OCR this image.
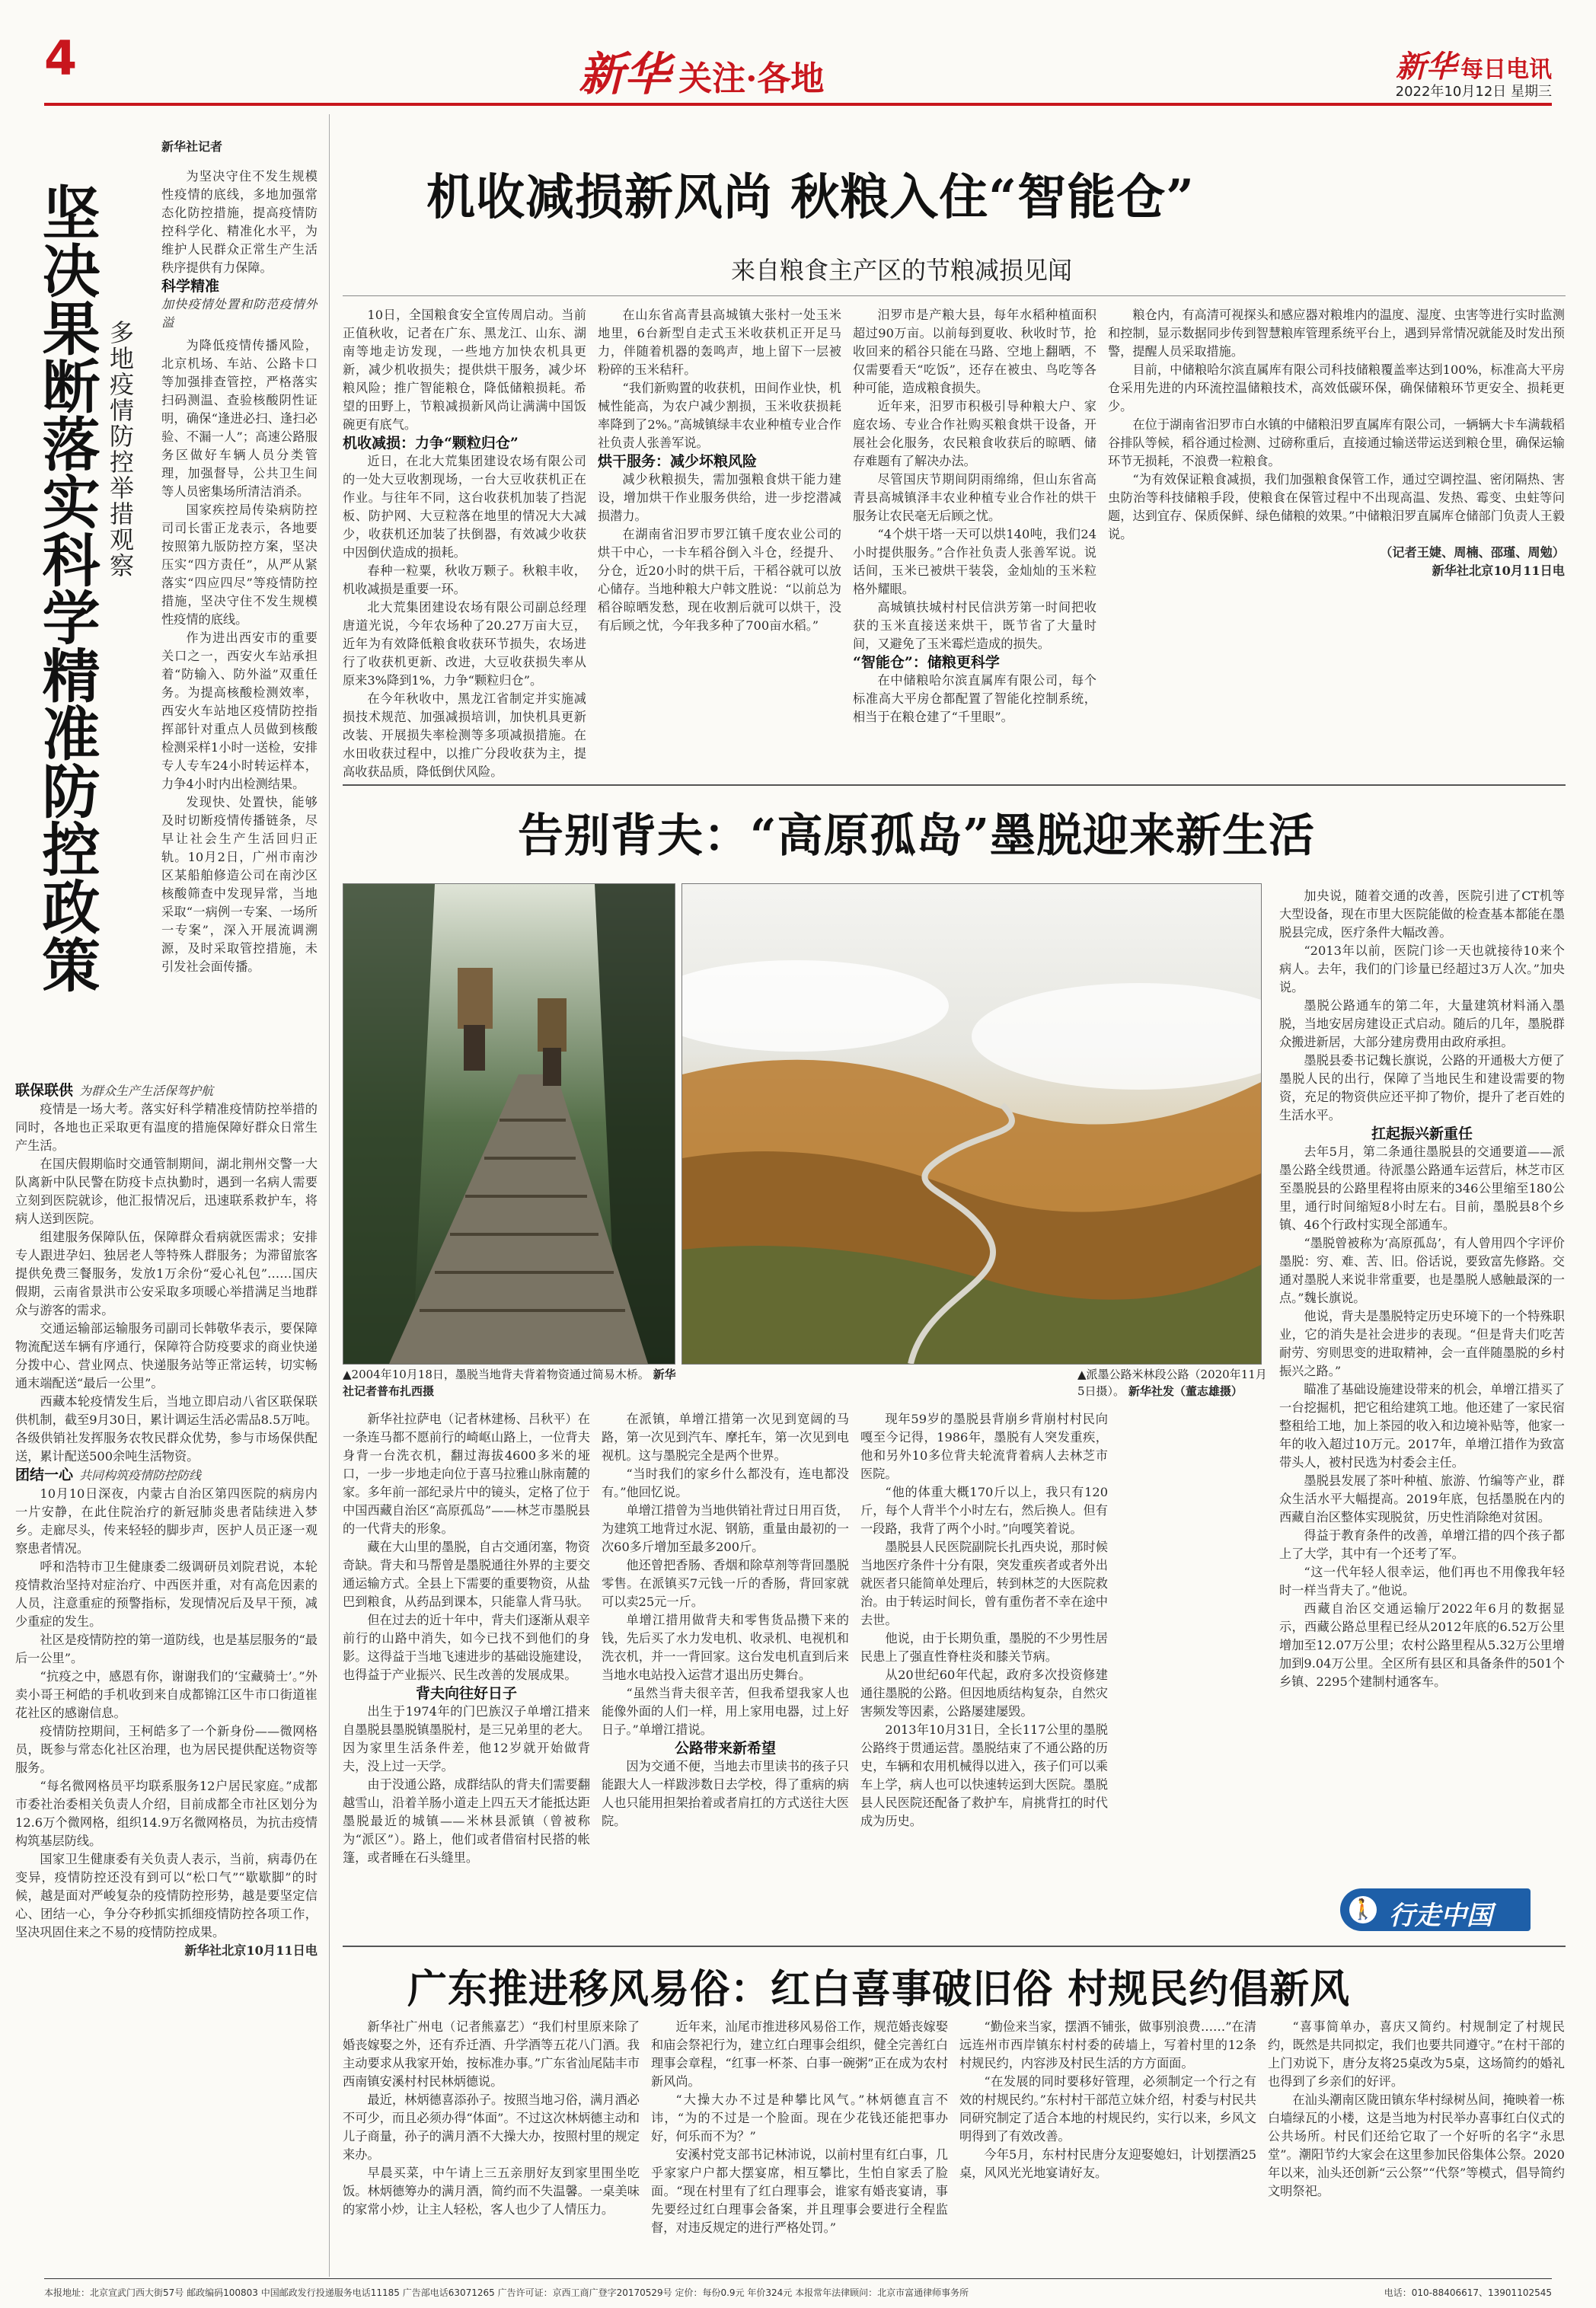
4	新华 关注·各地	新华 每日电讯
2022年10月12日 星期三
新华社记者
坚决果断落实科学精准防控政策 多地疫情防控举措观察

为坚决守住不发生规模性疫情的底线，多地加强常态化防控措施，提高疫情防控科学化、精准化水平，为维护人民群众正常生产生活秩序提供有力保障。

科学精准

加快疫情处置和防范疫情外溢

为降低疫情传播风险，北京机场、车站、公路卡口等加强排查管控，严格落实扫码测温、查验核酸阴性证明，确保“逢进必扫、逢扫必验、不漏一人”；高速公路服务区做好车辆人员分类管理，加强督导，公共卫生间等人员密集场所清洁消杀。

国家疾控局传染病防控司司长雷正龙表示，各地要按照第九版防控方案，坚决压实“四方责任”，从严从紧落实“四应四尽”等疫情防控措施，坚决守住不发生规模性疫情的底线。

作为进出西安市的重要关口之一，西安火车站承担着“防输入、防外溢”双重任务。为提高核酸检测效率，西安火车站地区疫情防控指挥部针对重点人员做到核酸检测采样1小时一送检，安排专人专车24小时转运样本，力争4小时内出检测结果。

发现快、处置快，能够及时切断疫情传播链条，尽早让社会生产生活回归正轨。10月2日，广州市南沙区某船舶修造公司在南沙区核酸筛查中发现异常，当地采取“一病例一专案、一场所一专案”，深入开展流调溯源，及时采取管控措施，未引发社会面传播。

联保联供 为群众生产生活保驾护航

疫情是一场大考。落实好科学精准疫情防控举措的同时，各地也正采取更有温度的措施保障好群众日常生产生活。

在国庆假期临时交通管制期间，湖北荆州交警一大队离新中队民警在防疫卡点执勤时，遇到一名病人需要立刻到医院就诊，他汇报情况后，迅速联系救护车，将病人送到医院。

组建服务保障队伍，保障群众看病就医需求；安排专人跟进孕妇、独居老人等特殊人群服务；为滞留旅客提供免费三餐服务，发放1万余份“爱心礼包”……国庆假期，云南省景洪市公安采取多项暖心举措满足当地群众与游客的需求。

交通运输部运输服务司副司长韩敬华表示，要保障物流配送车辆有序通行，保障符合防疫要求的商业快递分拨中心、营业网点、快递服务站等正常运转，切实畅通末端配送“最后一公里”。

西藏本轮疫情发生后，当地立即启动八省区联保联供机制，截至9月30日，累计调运生活必需品8.5万吨。各级供销社发挥服务农牧民群众优势，参与市场保供配送，累计配送500余吨生活物资。

团结一心 共同构筑疫情防控防线

10月10日深夜，内蒙古自治区第四医院的病房内一片安静，在此住院治疗的新冠肺炎患者陆续进入梦乡。走廊尽头，传来轻轻的脚步声，医护人员正逐一观察患者情况。

呼和浩特市卫生健康委二级调研员刘院君说，本轮疫情救治坚持对症治疗、中西医并重，对有高危因素的人员，注意重症的预警指标，发现情况后及早干预，减少重症的发生。

社区是疫情防控的第一道防线，也是基层服务的“最后一公里”。

“抗疫之中，感恩有你，谢谢我们的‘宝藏骑士’。”外卖小哥王柯皓的手机收到来自成都锦江区牛市口街道崔花社区的感谢信息。

疫情防控期间，王柯皓多了一个新身份——微网格员，既参与常态化社区治理，也为居民提供配送物资等服务。

“每名微网格员平均联系服务12户居民家庭。”成都市委社治委相关负责人介绍，目前成都全市社区划分为12.6万个微网格，组织14.9万名微网格员，为抗击疫情构筑基层防线。

国家卫生健康委有关负责人表示，当前，病毒仍在变异，疫情防控还没有到可以“松口气”“歇歇脚”的时候，越是面对严峻复杂的疫情防控形势，越是要坚定信心、团结一心，争分夺秒抓实抓细疫情防控各项工作，坚决巩固住来之不易的疫情防控成果。

新华社北京10月11日电

机收减损新风尚 秋粮入住“智能仓”
来自粮食主产区的节粮减损见闻

10日，全国粮食安全宣传周启动。当前正值秋收，记者在广东、黑龙江、山东、湖南等地走访发现，一些地方加快农机具更新，减少机收损失；提供烘干服务，减少坏粮风险；推广智能粮仓，降低储粮损耗。希望的田野上，节粮减损新风尚让满满中国饭碗更有底气。

机收减损：力争“颗粒归仓”

近日，在北大荒集团建设农场有限公司的一处大豆收割现场，一台大豆收获机正在作业。与往年不同，这台收获机加装了挡泥板、防护网、大豆粒落在地里的情况大大减少，收获机还加装了扶倒器，有效减少收获中因倒伏造成的损耗。

春种一粒粟，秋收万颗子。秋粮丰收，机收减损是重要一环。

北大荒集团建设农场有限公司副总经理唐道光说，今年农场种了20.27万亩大豆，近年为有效降低粮食收获环节损失，农场进行了收获机更新、改进，大豆收获损失率从原来3%降到1%，力争“颗粒归仓”。

在今年秋收中，黑龙江省制定并实施减损技术规范、加强减损培训，加快机具更新改装、开展损失率检测等多项减损措施。在水田收获过程中，以推广分段收获为主，提高收获品质，降低倒伏风险。

在山东省高青县高城镇大张村一处玉米地里，6台新型自走式玉米收获机正开足马力，伴随着机器的轰鸣声，地上留下一层被粉碎的玉米秸秆。

“我们新购置的收获机，田间作业快，机械性能高，为农户减少割损，玉米收获损耗率降到了2%。”高城镇绿丰农业种植专业合作社负责人张善军说。

烘干服务：减少坏粮风险

减少秋粮损失，需加强粮食烘干能力建设，增加烘干作业服务供给，进一步挖潜减损潜力。

在湖南省汨罗市罗江镇千度农业公司的烘干中心，一卡车稻谷倒入斗仓，经提升、分仓，近20小时的烘干后，干稻谷就可以放心储存。当地种粮大户韩文胜说：“以前总为稻谷晾晒发愁，现在收割后就可以烘干，没有后顾之忧，今年我多种了700亩水稻。”

汨罗市是产粮大县，每年水稻种植面积超过90万亩。以前每到夏收、秋收时节，抢收回来的稻谷只能在马路、空地上翻晒，不仅需要看天“吃饭”，还存在被虫、鸟吃等各种可能，造成粮食损失。

近年来，汨罗市积极引导种粮大户、家庭农场、专业合作社购买粮食烘干设备，开展社会化服务，农民粮食收获后的晾晒、储存难题有了解决办法。

尽管国庆节期间阴雨绵绵，但山东省高青县高城镇泽丰农业种植专业合作社的烘干服务让农民毫无后顾之忧。

“4个烘干塔一天可以烘140吨，我们24小时提供服务。”合作社负责人张善军说。说话间，玉米已被烘干装袋，金灿灿的玉米粒格外耀眼。

高城镇扶城村村民信洪芳第一时间把收获的玉米直接送来烘干，既节省了大量时间，又避免了玉米霉烂造成的损失。

“智能仓”：储粮更科学

在中储粮哈尔滨直属库有限公司，每个标准高大平房仓都配置了智能化控制系统，相当于在粮仓建了“千里眼”。

粮仓内，有高清可视探头和感应器对粮堆内的温度、湿度、虫害等进行实时监测和控制，显示数据同步传到智慧粮库管理系统平台上，遇到异常情况就能及时发出预警，提醒人员采取措施。

目前，中储粮哈尔滨直属库有限公司科技储粮覆盖率达到100%，标准高大平房仓采用先进的内环流控温储粮技术，高效低碳环保，确保储粮环节更安全、损耗更少。

在位于湖南省汨罗市白水镇的中储粮汨罗直属库有限公司，一辆辆大卡车满载稻谷排队等候，稻谷通过检测、过磅称重后，直接通过输送带运送到粮仓里，确保运输环节无损耗，不浪费一粒粮食。

“为有效保证粮食减损，我们加强粮食保管工作，通过空调控温、密闭隔热、害虫防治等科技储粮手段，使粮食在保管过程中不出现高温、发热、霉变、虫蛀等问题，达到宜存、保质保鲜、绿色储粮的效果。”中储粮汨罗直属库仓储部门负责人王毅说。

（记者王婕、周楠、邵瑾、周勉）

新华社北京10月11日电

告别背夫：“高原孤岛”墨脱迎来新生活
▲2004年10月18日，墨脱当地背夫背着物资通过简易木桥。 新华社记者普布扎西摄
▲派墨公路米林段公路（2020年11月5日摄）。 新华社发（董志雄摄）

新华社拉萨电（记者林建杨、吕秋平）在一条连马都不愿前行的崎岖山路上，一位背夫身背一台洗衣机，翻过海拔4600多米的垭口，一步一步地走向位于喜马拉雅山脉南麓的家。多年前一部纪录片中的镜头，定格了位于中国西藏自治区“高原孤岛”——林芝市墨脱县的一代背夫的形象。

藏在大山里的墨脱，自古交通闭塞，物资奇缺。背夫和马帮曾是墨脱通往外界的主要交通运输方式。全县上下需要的重要物资，从盐巴到粮食，从药品到课本，只能靠人背马驮。

但在过去的近十年中，背夫们逐渐从艰辛前行的山路中消失，如今已找不到他们的身影。这得益于当地飞速进步的基础设施建设，也得益于产业振兴、民生改善的发展成果。

背夫向往好日子

出生于1974年的门巴族汉子单增江措来自墨脱县墨脱镇墨脱村，是三兄弟里的老大。因为家里生活条件差，他12岁就开始做背夫，没上过一天学。

由于没通公路，成群结队的背夫们需要翻越雪山，沿着羊肠小道走上四五天才能抵达距墨脱最近的城镇——米林县派镇（曾被称为“派区”）。路上，他们或者借宿村民搭的帐篷，或者睡在石头缝里。

在派镇，单增江措第一次见到宽阔的马路，第一次见到汽车、摩托车，第一次见到电视机。这与墨脱完全是两个世界。

“当时我们的家乡什么都没有，连电都没有。”他回忆说。

单增江措曾为当地供销社背过日用百货，为建筑工地背过水泥、钢筋，重量由最初的一次60多斤增加至最多200斤。

他还曾把香肠、香烟和除草剂等背回墨脱零售。在派镇买7元钱一斤的香肠，背回家就可以卖25元一斤。

单增江措用做背夫和零售货品攒下来的钱，先后买了水力发电机、收录机、电视机和洗衣机，并一一背回家。这台发电机直到后来当地水电站投入运营才退出历史舞台。

“虽然当背夫很辛苦，但我希望我家人也能像外面的人们一样，用上家用电器，过上好日子。”单增江措说。

公路带来新希望

因为交通不便，当地去市里读书的孩子只能跟大人一样跋涉数日去学校，得了重病的病人也只能用担架抬着或者肩扛的方式送往大医院。

现年59岁的墨脱县背崩乡背崩村村民向嘎至今记得，1986年，墨脱有人突发重疾，他和另外10多位背夫轮流背着病人去林芝市医院。

“他的体重大概170斤以上，我只有120斤，每个人背半个小时左右，然后换人。但有一段路，我背了两个小时。”向嘎笑着说。

墨脱县人民医院副院长扎西央说，那时候当地医疗条件十分有限，突发重疾者或者外出就医者只能简单处理后，转到林芝的大医院救治。由于转运时间长，曾有重伤者不幸在途中去世。

他说，由于长期负重，墨脱的不少男性居民患上了强直性脊柱炎和膝关节病。

从20世纪60年代起，政府多次投资修建通往墨脱的公路。但因地质结构复杂，自然灾害频发等因素，公路屡建屡毁。

2013年10月31日，全长117公里的墨脱公路终于贯通运营。墨脱结束了不通公路的历史，车辆和农用机械得以进入，孩子们可以乘车上学，病人也可以快速转运到大医院。墨脱县人民医院还配备了救护车，肩挑背扛的时代成为历史。

加央说，随着交通的改善，医院引进了CT机等大型设备，现在市里大医院能做的检查基本都能在墨脱县完成，医疗条件大幅改善。

“2013年以前，医院门诊一天也就接待10来个病人。去年，我们的门诊量已经超过3万人次。”加央说。

墨脱公路通车的第二年，大量建筑材料涌入墨脱，当地安居房建设正式启动。随后的几年，墨脱群众搬进新居，大部分建房费用由政府承担。

墨脱县委书记魏长旗说，公路的开通极大方便了墨脱人民的出行，保障了当地民生和建设需要的物资，充足的物资供应还平抑了物价，提升了老百姓的生活水平。

扛起振兴新重任

去年5月，第二条通往墨脱县的交通要道——派墨公路全线贯通。待派墨公路通车运营后，林芝市区至墨脱县的公路里程将由原来的346公里缩至180公里，通行时间缩短8小时左右。目前，墨脱县8个乡镇、46个行政村实现全部通车。

“墨脱曾被称为‘高原孤岛’，有人曾用四个字评价墨脱：穷、难、苦、旧。俗话说，要致富先修路。交通对墨脱人来说非常重要，也是墨脱人感触最深的一点。”魏长旗说。

他说，背夫是墨脱特定历史环境下的一个特殊职业，它的消失是社会进步的表现。“但是背夫们吃苦耐劳、穷则思变的进取精神，会一直伴随墨脱的乡村振兴之路。”

瞄准了基础设施建设带来的机会，单增江措买了一台挖掘机，把它租给建筑工地。他还建了一家民宿整租给工地，加上茶园的收入和边境补贴等，他家一年的收入超过10万元。2017年，单增江措作为致富带头人，被村民选为村委会主任。

墨脱县发展了茶叶种植、旅游、竹编等产业，群众生活水平大幅提高。2019年底，包括墨脱在内的西藏自治区整体实现脱贫，历史性消除绝对贫困。

得益于教育条件的改善，单增江措的四个孩子都上了大学，其中有一个还考了军。

“这一代年轻人很幸运，他们再也不用像我年轻时一样当背夫了。”他说。

西藏自治区交通运输厅2022年6月的数据显示，西藏公路总里程已经从2012年底的6.52万公里增加至12.07万公里；农村公路里程从5.32万公里增加到9.04万公里。全区所有县区和具备条件的501个乡镇、2295个建制村通客车。

🚶 行走中国
广东推进移风易俗：红白喜事破旧俗 村规民约倡新风

新华社广州电（记者熊嘉艺）“我们村里原来除了婚丧嫁娶之外，还有乔迁酒、升学酒等五花八门酒。我主动要求从我家开始，按标准办事。”广东省汕尾陆丰市西南镇安溪村村民林炳德说。

最近，林炳德喜添孙子。按照当地习俗，满月酒必不可少，而且必须办得“体面”。不过这次林炳德主动和儿子商量，孙子的满月酒不大操大办，按照村里的规定来办。

早晨买菜，中午请上三五亲朋好友到家里围坐吃饭。林炳德筹办的满月酒，简约而不失温馨。一桌美味的家常小炒，让主人轻松，客人也少了人情压力。

近年来，汕尾市推进移风易俗工作，规范婚丧嫁娶和庙会祭祀行为，建立红白理事会组织，健全完善红白理事会章程，“红事一杯茶、白事一碗粥”正在成为农村新风尚。

“大操大办不过是种攀比风气。”林炳德直言不讳，“为的不过是一个脸面。现在少花钱还能把事办好，何乐而不为？”

安溪村党支部书记林沛说，以前村里有红白事，几乎家家户户都大摆宴席，相互攀比，生怕自家丢了脸面。“现在村里有了红白理事会，谁家有婚丧宴请，事先要经过红白理事会备案，并且理事会要进行全程监督，对违反规定的进行严格处罚。”

“勤俭来当家，摆酒不铺张，做事别浪费……”在清远连州市西岸镇东村村委的砖墙上，写着村里的12条村规民约，内容涉及村民生活的方方面面。

“在发展的同时要移好管理，必须制定一个行之有效的村规民约。”东村村干部范立妹介绍，村委与村民共同研究制定了适合本地的村规民约，实行以来，乡风文明得到了有效改善。

今年5月，东村村民唐分友迎娶媳妇，计划摆酒25桌，风风光光地宴请好友。

“喜事简单办，喜庆又简约。村规制定了村规民约，既然是共同拟定，我们也要共同遵守。”在村干部的上门劝说下，唐分友将25桌改为5桌，这场简约的婚礼也得到了乡亲们的好评。

在汕头潮南区陇田镇东华村绿树丛间，掩映着一栋白墙绿瓦的小楼，这是当地为村民举办喜事红白仪式的公共场所。村民们还给它取了一个好听的名字“永思堂”。潮阳节约大家会在这里参加民俗集体公祭。2020年以来，汕头还创新“云公祭”“代祭”等模式，倡导简约文明祭祀。

本报地址：北京宣武门西大街57号 邮政编码100803 中国邮政发行投递服务电话11185 广告部电话63071265 广告许可证：京西工商广登字20170529号 定价：每份0.9元 年价324元 本报常年法律顾问：北京市富通律师事务所	电话：010-88406617、13901102545
